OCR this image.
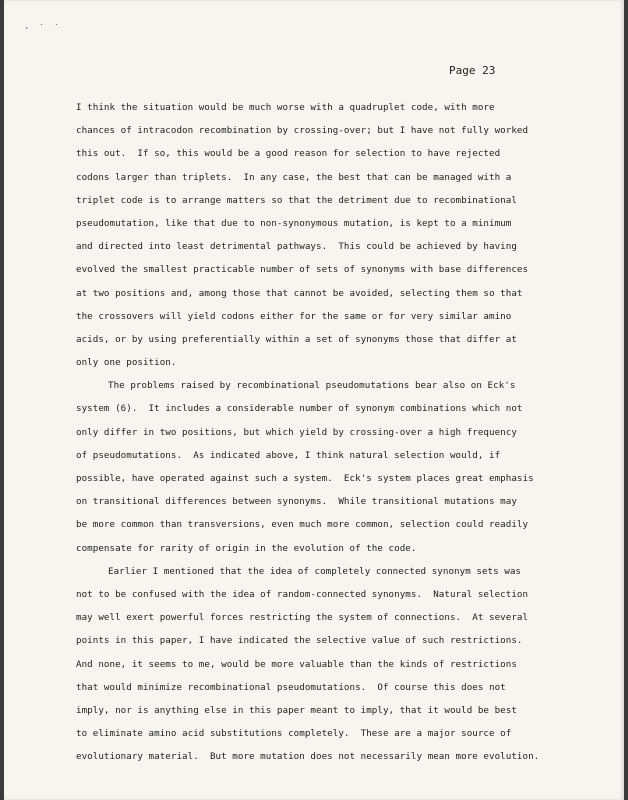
· ˙ ˙
Page 23
I think the situation would be much worse with a quadruplet code, with more
chances of intracodon recombination by crossing-over; but I have not fully worked
this out.  If so, this would be a good reason for selection to have rejected
codons larger than triplets.  In any case, the best that can be managed with a
triplet code is to arrange matters so that the detriment due to recombinational
pseudomutation, like that due to non-synonymous mutation, is kept to a minimum
and directed into least detrimental pathways.  This could be achieved by having
evolved the smallest practicable number of sets of synonyms with base differences
at two positions and, among those that cannot be avoided, selecting them so that
the crossovers will yield codons either for the same or for very similar amino
acids, or by using preferentially within a set of synonyms those that differ at
only one position.
The problems raised by recombinational pseudomutations bear also on Eck's
system (6).  It includes a considerable number of synonym combinations which not
only differ in two positions, but which yield by crossing-over a high frequency
of pseudomutations.  As indicated above, I think natural selection would, if
possible, have operated against such a system.  Eck's system places great emphasis
on transitional differences between synonyms.  While transitional mutations may
be more common than transversions, even much more common, selection could readily
compensate for rarity of origin in the evolution of the code.
Earlier I mentioned that the idea of completely connected synonym sets was
not to be confused with the idea of random-connected synonyms.  Natural selection
may well exert powerful forces restricting the system of connections.  At several
points in this paper, I have indicated the selective value of such restrictions.
And none, it seems to me, would be more valuable than the kinds of restrictions
that would minimize recombinational pseudomutations.  Of course this does not
imply, nor is anything else in this paper meant to imply, that it would be best
to eliminate amino acid substitutions completely.  These are a major source of
evolutionary material.  But more mutation does not necessarily mean more evolution.
